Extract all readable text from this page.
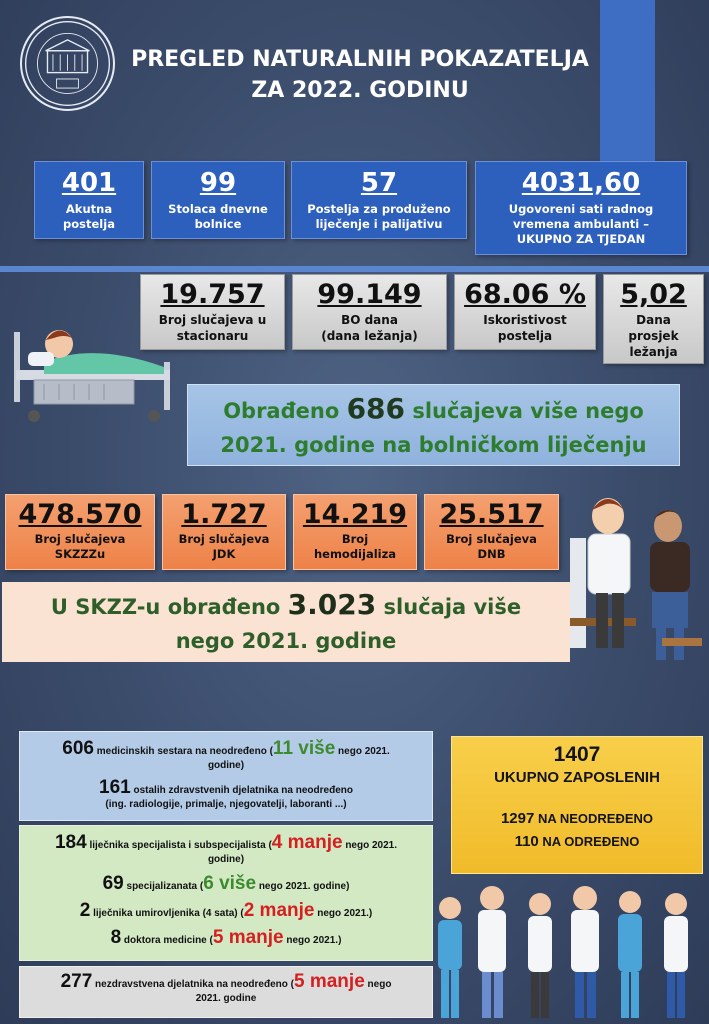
PREGLED NATURALNIH POKAZATELJA
ZA 2022. GODINU
401
Akutna
postelja
99
Stolaca dnevne
bolnice
57
Postelja za produženo
liječenje i palijativu
4031,60
Ugovoreni sati radnog
vremena ambulanti –
UKUPNO ZA TJEDAN
19.757
Broj slučajeva u
stacionaru
99.149
BO dana
(dana ležanja)
68.06 %
Iskoristivost
postelja
5,02
Dana
prosjek
ležanja
Obrađeno 686 slučajeva više nego
2021. godine na bolničkom liječenju
478.570
Broj slučajeva
SKZZZu
1.727
Broj slučajeva
JDK
14.219
Broj
hemodijaliza
25.517
Broj slučajeva
DNB
U SKZZ-u obrađeno 3.023 slučaja više
nego 2021. godine
606 medicinskih sestara na neodređeno (11 više nego 2021.
godine)
161 ostalih zdravstvenih djelatnika na neodređeno
(ing. radiologije, primalje, njegovatelji, laboranti ...)
184 liječnika specijalista i subspecijalista (4 manje nego 2021.
godine)
69 specijalizanata (6 više nego 2021. godine)
2 liječnika umirovljenika (4 sata) (2 manje nego 2021.)
8 doktora medicine (5 manje nego 2021.)
277 nezdravstvena djelatnika na neodređeno (5 manje nego
2021. godine
1407
UKUPNO ZAPOSLENIH
1297 NA NEODREĐENO
110 NA ODREĐENO
